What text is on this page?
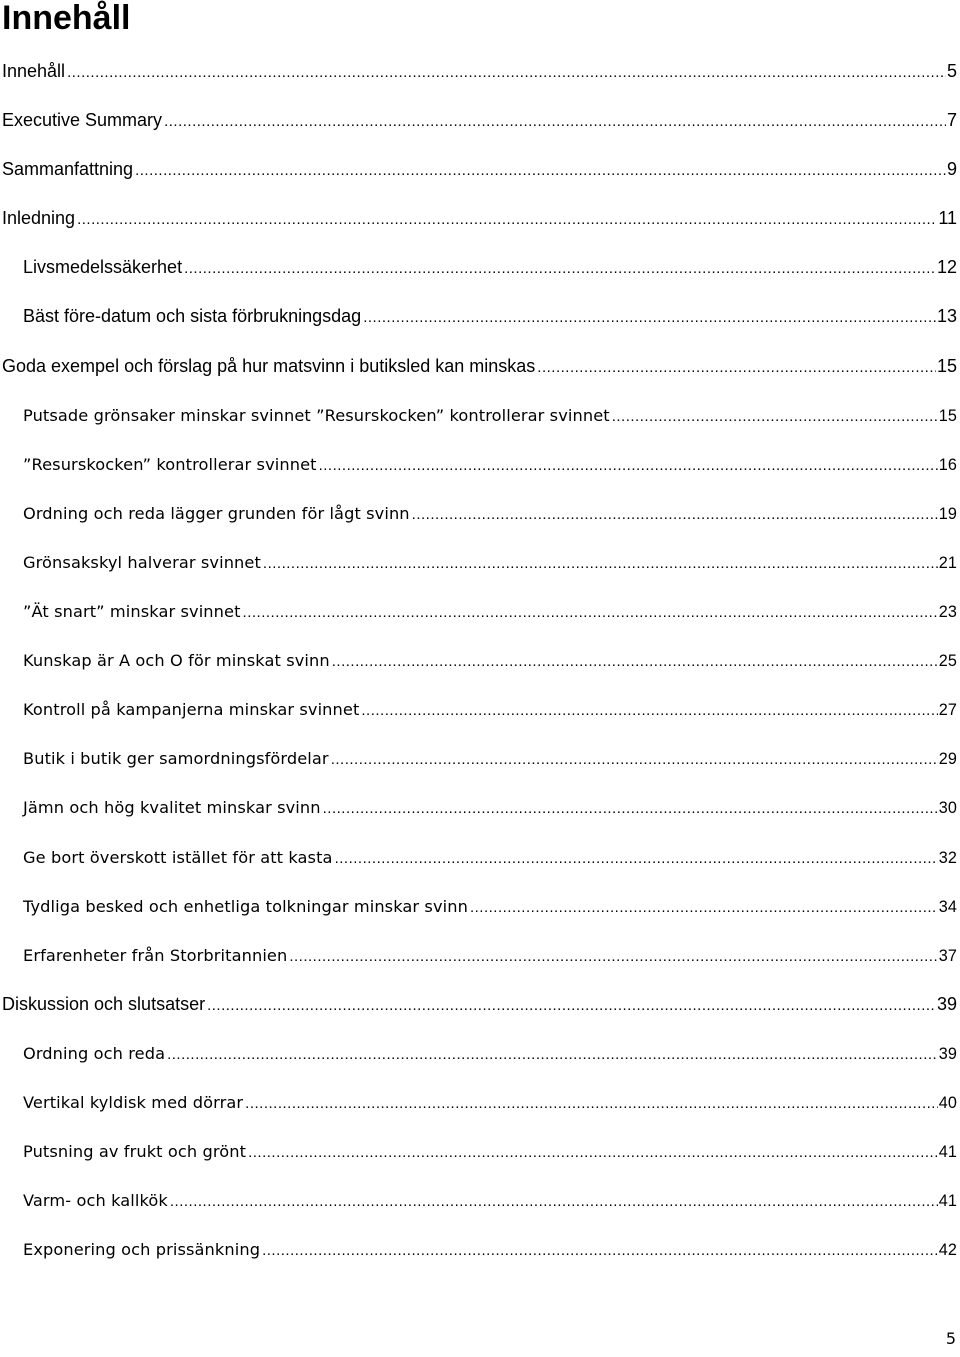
Innehåll
Innehåll .....	5
Executive Summary .....	7
Sammanfattning .....	9
Inledning .....	11
Livsmedelssäkerhet .....	12
Bäst före-datum och sista förbrukningsdag .....	13
Goda exempel och förslag på hur matsvinn i butiksled kan minskas .....	15
Putsade grönsaker minskar svinnet ”Resurskocken” kontrollerar svinnet .....	15
”Resurskocken” kontrollerar svinnet .....	16
Ordning och reda lägger grunden för lågt svinn .....	19
Grönsakskyl halverar svinnet .....	21
”Ät snart” minskar svinnet .....	23
Kunskap är A och O för minskat svinn .....	25
Kontroll på kampanjerna minskar svinnet .....	27
Butik i butik ger samordningsfördelar .....	29
Jämn och hög kvalitet minskar svinn .....	30
Ge bort överskott istället för att kasta .....	32
Tydliga besked och enhetliga tolkningar minskar svinn .....	34
Erfarenheter från Storbritannien .....	37
Diskussion och slutsatser .....	39
Ordning och reda .....	39
Vertikal kyldisk med dörrar .....	40
Putsning av frukt och grönt .....	41
Varm- och kallkök .....	41
Exponering och prissänkning .....	42
5
